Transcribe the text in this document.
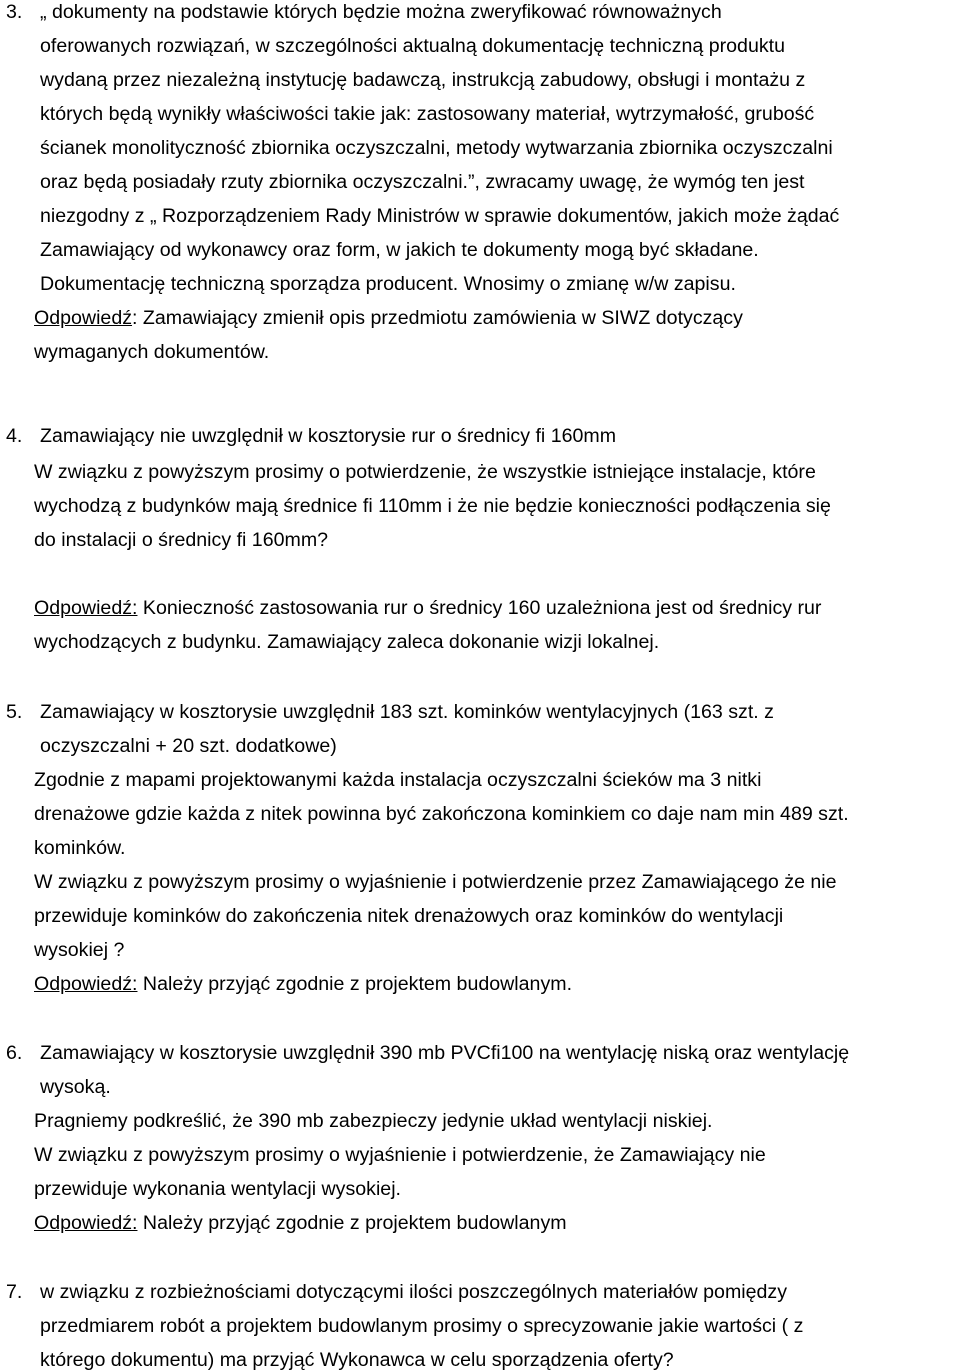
3. „ dokumenty na podstawie których będzie można zweryfikować równoważnych
oferowanych rozwiązań, w szczególności aktualną dokumentację techniczną produktu
wydaną przez niezależną instytucję badawczą, instrukcją zabudowy, obsługi i montażu z
których będą wynikły właściwości takie jak: zastosowany materiał, wytrzymałość, grubość
ścianek monolityczność zbiornika oczyszczalni, metody wytwarzania zbiornika oczyszczalni
oraz będą posiadały rzuty zbiornika oczyszczalni.”, zwracamy uwagę, że wymóg ten jest
niezgodny z „ Rozporządzeniem Rady Ministrów w sprawie dokumentów, jakich może żądać
Zamawiający od wykonawcy oraz form, w jakich te dokumenty mogą być składane.
Dokumentację techniczną sporządza producent. Wnosimy o zmianę w/w zapisu.
Odpowiedź: Zamawiający zmienił opis przedmiotu zamówienia w SIWZ dotyczący
wymaganych dokumentów.
4. Zamawiający nie uwzględnił w kosztorysie rur o średnicy fi 160mm
W związku z powyższym prosimy o potwierdzenie, że wszystkie istniejące instalacje, które
wychodzą z budynków mają średnice fi 110mm i że nie będzie konieczności podłączenia się
do instalacji o średnicy fi 160mm?
Odpowiedź: Konieczność zastosowania rur o średnicy 160 uzależniona jest od średnicy rur
wychodzących z budynku. Zamawiający zaleca dokonanie wizji lokalnej.
5. Zamawiający w kosztorysie uwzględnił 183 szt. kominków wentylacyjnych (163 szt. z
oczyszczalni + 20 szt. dodatkowe)
Zgodnie z mapami projektowanymi każda instalacja oczyszczalni ścieków ma 3 nitki
drenażowe gdzie każda z nitek powinna być zakończona kominkiem co daje nam min 489 szt.
kominków.
W związku z powyższym prosimy o wyjaśnienie i potwierdzenie przez Zamawiającego że nie
przewiduje kominków do zakończenia nitek drenażowych oraz kominków do wentylacji
wysokiej ?
Odpowiedź: Należy przyjąć zgodnie z projektem budowlanym.
6. Zamawiający w kosztorysie uwzględnił 390 mb PVCfi100 na wentylację niską oraz wentylację
wysoką.
Pragniemy podkreślić, że 390 mb zabezpieczy jedynie układ wentylacji niskiej.
W związku z powyższym prosimy o wyjaśnienie i potwierdzenie, że Zamawiający nie
przewiduje wykonania wentylacji wysokiej.
Odpowiedź: Należy przyjąć zgodnie z projektem budowlanym
7. w związku z rozbieżnościami dotyczącymi ilości poszczególnych materiałów pomiędzy
przedmiarem robót a projektem budowlanym prosimy o sprecyzowanie jakie wartości ( z
którego dokumentu) ma przyjąć Wykonawca w celu sporządzenia oferty?
